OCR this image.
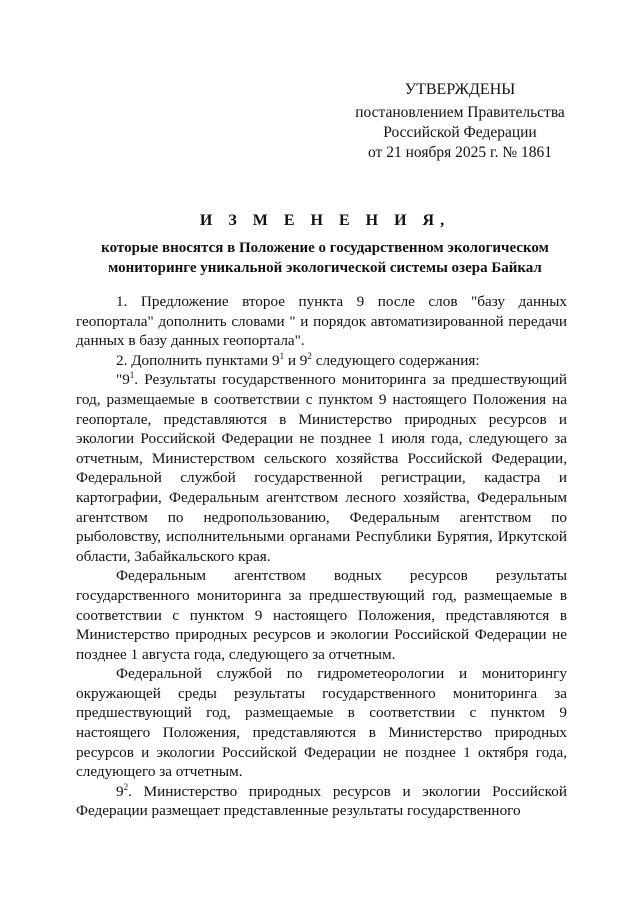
УТВЕРЖДЕНЫ
постановлением Правительства
Российской Федерации
от 21 ноября 2025 г. № 1861
И З М Е Н Е Н И Я,
которые вносятся в Положение о государственном экологическом
мониторинге уникальной экологической системы озера Байкал

1. Предложение второе пункта 9 после слов "базу данных геопортала" дополнить словами " и порядок автоматизированной передачи данных в базу данных геопортала".

2. Дополнить пунктами $9^1$ и $9^2$ следующего содержания:

"$9^1$. Результаты государственного мониторинга за предшествующий год, размещаемые в соответствии с пунктом 9 настоящего Положения на геопортале, представляются в Министерство природных ресурсов и экологии Российской Федерации не позднее 1 июля года, следующего за отчетным, Министерством сельского хозяйства Российской Федерации, Федеральной службой государственной регистрации, кадастра и картографии, Федеральным агентством лесного хозяйства, Федеральным агентством по недропользованию, Федеральным агентством по рыболовству, исполнительными органами Республики Бурятия, Иркутской области, Забайкальского края.

Федеральным агентством водных ресурсов результаты государственного мониторинга за предшествующий год, размещаемые в соответствии с пунктом 9 настоящего Положения, представляются в Министерство природных ресурсов и экологии Российской Федерации не позднее 1 августа года, следующего за отчетным.

Федеральной службой по гидрометеорологии и мониторингу окружающей среды результаты государственного мониторинга за предшествующий год, размещаемые в соответствии с пунктом 9 настоящего Положения, представляются в Министерство природных ресурсов и экологии Российской Федерации не позднее 1 октября года, следующего за отчетным.

$9^2$. Министерство природных ресурсов и экологии Российской Федерации размещает представленные результаты государственного
